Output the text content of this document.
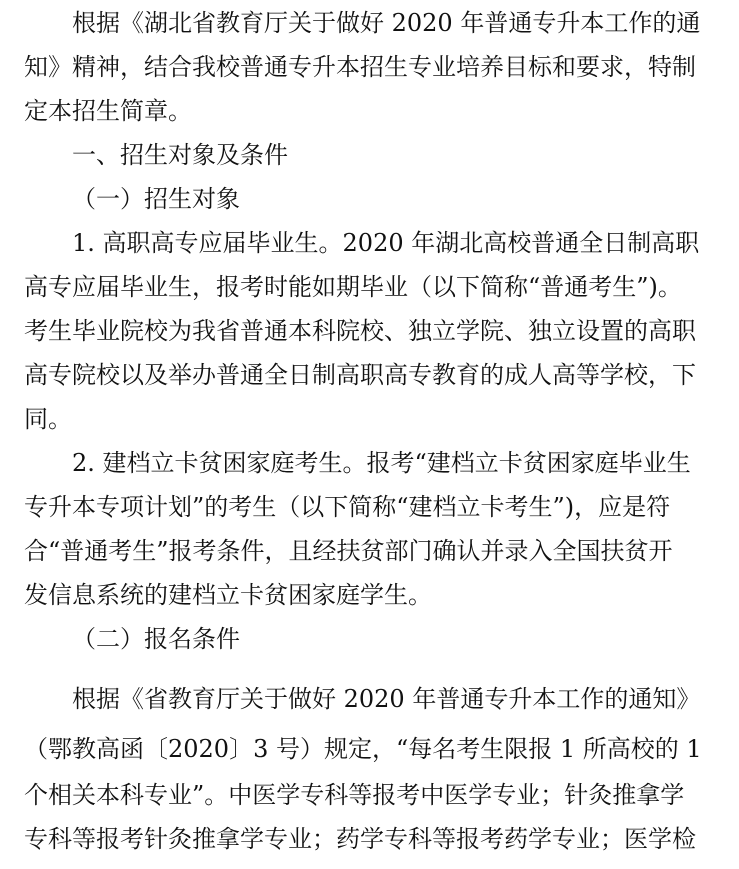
根据《湖北省教育厅关于做好 2020 年普通专升本工作的通
知》精神，结合我校普通专升本招生专业培养目标和要求，特制
定本招生简章。
一、招生对象及条件
（一）招生对象
1. 高职高专应届毕业生。2020 年湖北高校普通全日制高职
高专应届毕业生，报考时能如期毕业（以下简称“普通考生”)。
考生毕业院校为我省普通本科院校、独立学院、独立设置的高职
高专院校以及举办普通全日制高职高专教育的成人高等学校，下
同。
2. 建档立卡贫困家庭考生。报考“建档立卡贫困家庭毕业生
专升本专项计划”的考生（以下简称“建档立卡考生”)，应是符
合“普通考生”报考条件，且经扶贫部门确认并录入全国扶贫开
发信息系统的建档立卡贫困家庭学生。
（二）报名条件
根据《省教育厅关于做好 2020 年普通专升本工作的通知》
（鄂教高函〔2020〕3 号）规定，“每名考生限报 1 所高校的 1
个相关本科专业”。中医学专科等报考中医学专业；针灸推拿学
专科等报考针灸推拿学专业；药学专科等报考药学专业；医学检
